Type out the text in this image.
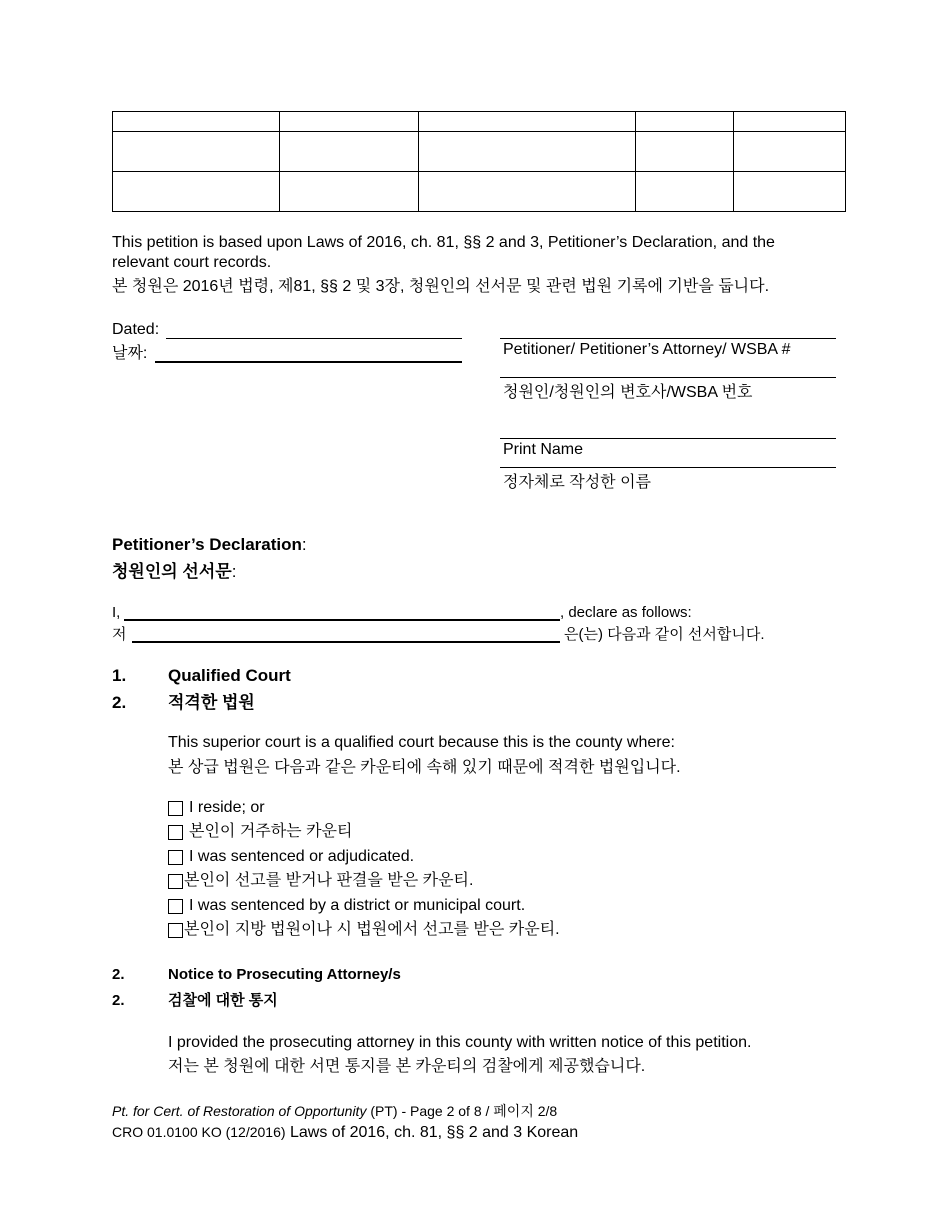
This petition is based upon Laws of 2016, ch. 81, §§ 2 and 3, Petitioner’s Declaration, and the
relevant court records.
본 청원은 2016년 법령, 제81, §§ 2 및 3장, 청원인의 선서문 및 관련 법원 기록에 기반을 둡니다.
Dated:
날짜:	Petitioner/ Petitioner’s Attorney/ WSBA #
청원인/청원인의 변호사/WSBA 번호
Print Name
정자체로 작성한 이름
Petitioner’s Declaration:
청원인의 선서문:
I,	, declare as follows:
저	은(는) 다음과 같이 선서합니다.
1. Qualified Court
2. 적격한 법원
This superior court is a qualified court because this is the county where:
본 상급 법원은 다음과 같은 카운티에 속해 있기 때문에 적격한 법원입니다.
I reside; or
본인이 거주하는 카운티
I was sentenced or adjudicated.
본인이 선고를 받거나 판결을 받은 카운티.
I was sentenced by a district or municipal court.
본인이 지방 법원이나 시 법원에서 선고를 받은 카운티.
2.	Notice to Prosecuting Attorney/s
2.	검찰에 대한 통지
I provided the prosecuting attorney in this county with written notice of this petition.
저는 본 청원에 대한 서면 통지를 본 카운티의 검찰에게 제공했습니다.
Pt. for Cert. of Restoration of Opportunity (PT) - Page 2 of 8 / 페이지 2/8
CRO 01.0100 KO (12/2016) Laws of 2016, ch. 81, §§ 2 and 3 Korean
